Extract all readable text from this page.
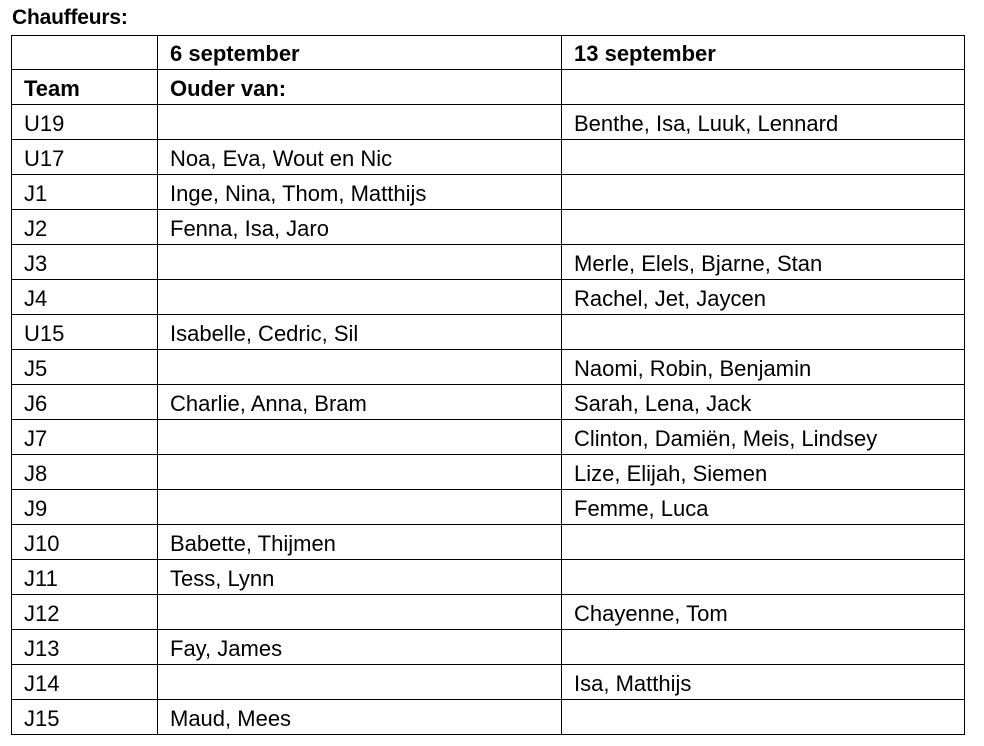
Chauffeurs:
	6 september	13 september
Team	Ouder van:	
U19		Benthe, Isa, Luuk, Lennard
U17	Noa, Eva, Wout en Nic	
J1	Inge, Nina, Thom, Matthijs	
J2	Fenna, Isa, Jaro	
J3		Merle, Elels, Bjarne, Stan
J4		Rachel, Jet, Jaycen
U15	Isabelle, Cedric, Sil	
J5		Naomi, Robin, Benjamin
J6	Charlie, Anna, Bram	Sarah, Lena, Jack
J7		Clinton, Damiën, Meis, Lindsey
J8		Lize, Elijah, Siemen
J9		Femme, Luca
J10	Babette, Thijmen	
J11	Tess, Lynn	
J12		Chayenne, Tom
J13	Fay, James	
J14		Isa, Matthijs
J15	Maud, Mees	
